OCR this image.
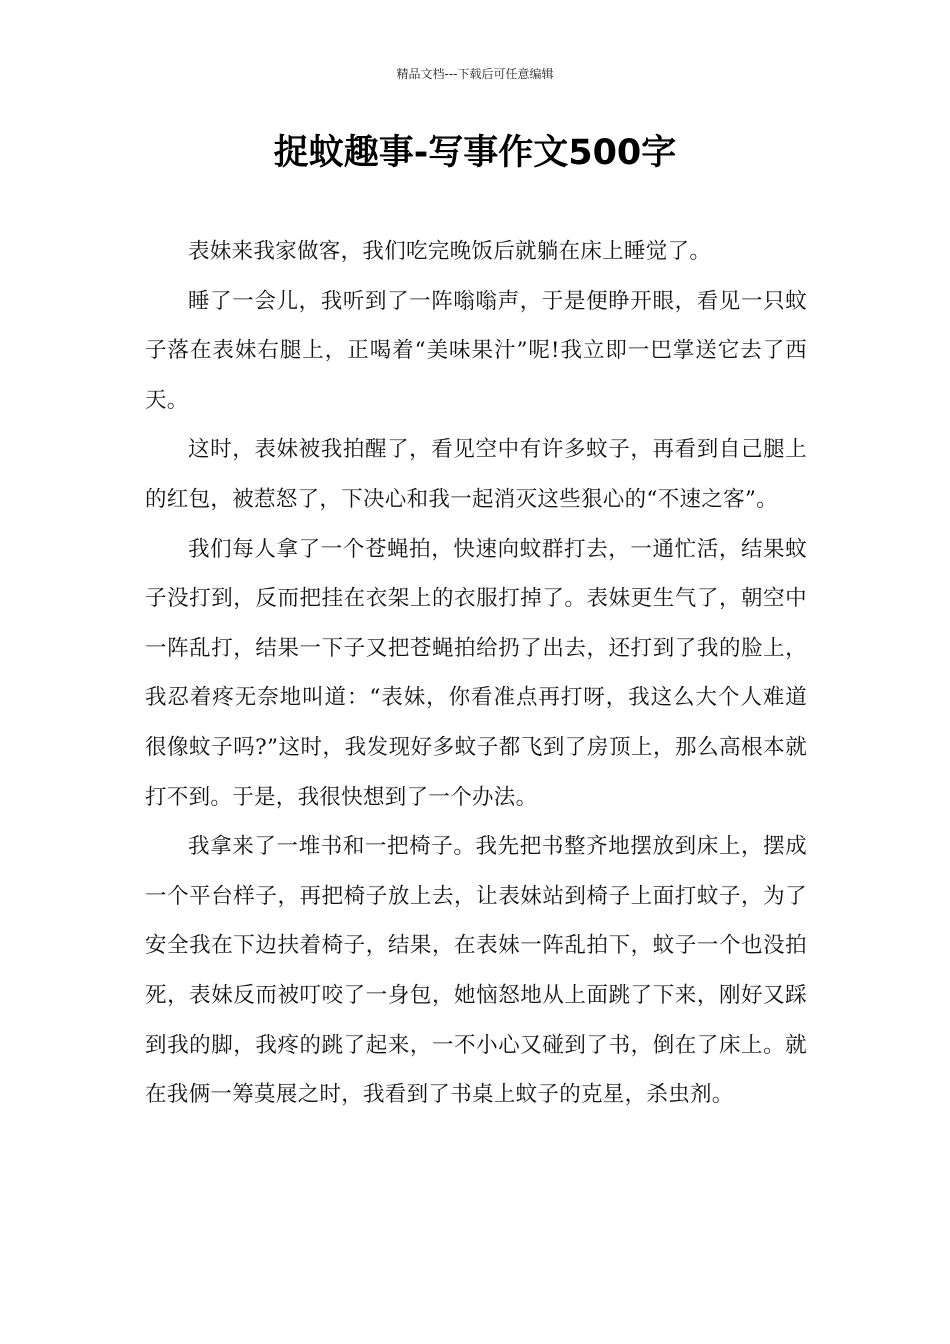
精品文档---下载后可任意编辑
捉蚊趣事-写事作文500字

表妹来我家做客，我们吃完晚饭后就躺在床上睡觉了。

睡了一会儿，我听到了一阵嗡嗡声，于是便睁开眼，看见一只蚊子落在表妹右腿上，正喝着“美味果汁”呢!我立即一巴掌送它去了西天。

这时，表妹被我拍醒了，看见空中有许多蚊子，再看到自己腿上的红包，被惹怒了，下决心和我一起消灭这些狠心的“不速之客”。

我们每人拿了一个苍蝇拍，快速向蚊群打去，一通忙活，结果蚊子没打到，反而把挂在衣架上的衣服打掉了。表妹更生气了，朝空中一阵乱打，结果一下子又把苍蝇拍给扔了出去，还打到了我的脸上，我忍着疼无奈地叫道：“表妹，你看准点再打呀，我这么大个人难道很像蚊子吗?”这时，我发现好多蚊子都飞到了房顶上，那么高根本就打不到。于是，我很快想到了一个办法。

我拿来了一堆书和一把椅子。我先把书整齐地摆放到床上，摆成一个平台样子，再把椅子放上去，让表妹站到椅子上面打蚊子，为了安全我在下边扶着椅子，结果，在表妹一阵乱拍下，蚊子一个也没拍死，表妹反而被叮咬了一身包，她恼怒地从上面跳了下来，刚好又踩到我的脚，我疼的跳了起来，一不小心又碰到了书，倒在了床上。就在我俩一筹莫展之时，我看到了书桌上蚊子的克星，杀虫剂。
